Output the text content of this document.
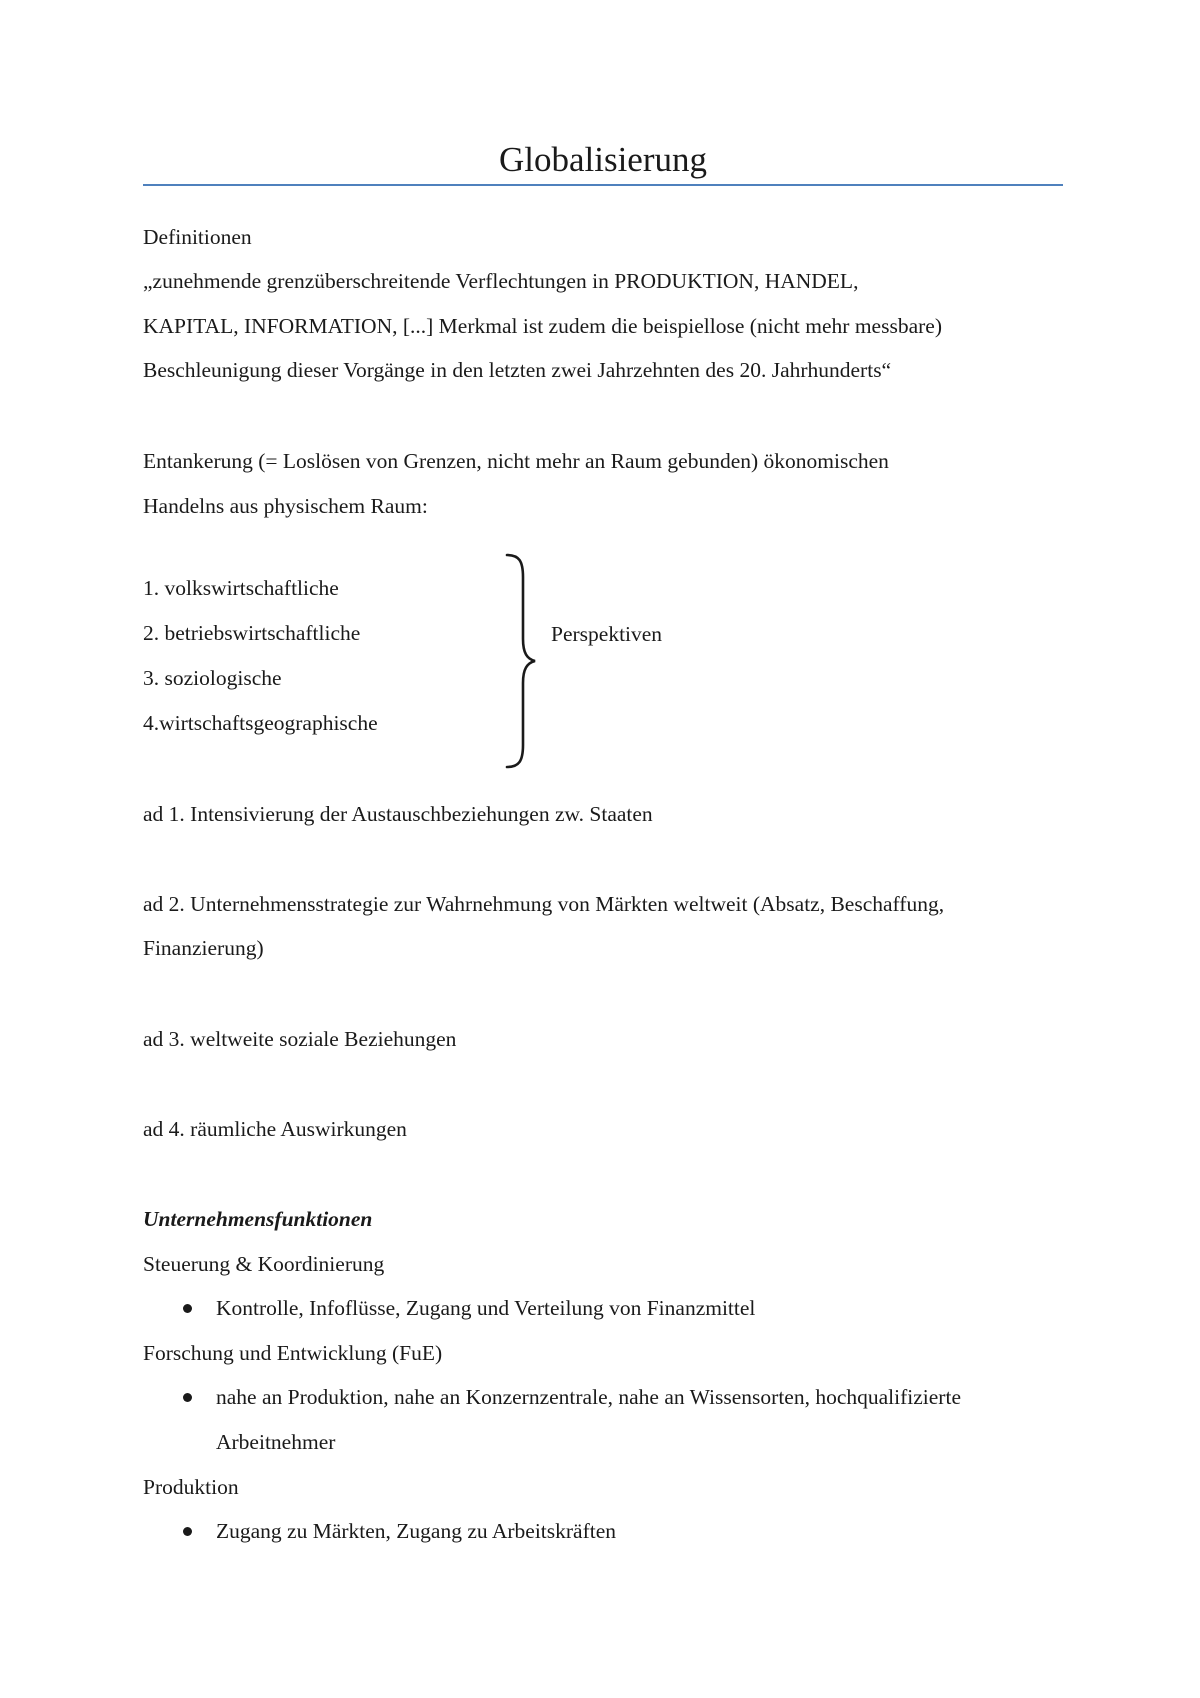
Globalisierung
Definitionen
„zunehmende grenzüberschreitende Verflechtungen in PRODUKTION, HANDEL,
KAPITAL, INFORMATION, [...] Merkmal ist zudem die beispiellose (nicht mehr messbare)
Beschleunigung dieser Vorgänge in den letzten zwei Jahrzehnten des 20. Jahrhunderts“
Entankerung (= Loslösen von Grenzen, nicht mehr an Raum gebunden) ökonomischen
Handelns aus physischem Raum:
1. volkswirtschaftliche
2. betriebswirtschaftliche
3. soziologische
4.wirtschaftsgeographische
Perspektiven
ad 1. Intensivierung der Austauschbeziehungen zw. Staaten
ad 2. Unternehmensstrategie zur Wahrnehmung von Märkten weltweit (Absatz, Beschaffung,
Finanzierung)
ad 3. weltweite soziale Beziehungen
ad 4. räumliche Auswirkungen
Unternehmensfunktionen
Steuerung & Koordinierung
Kontrolle, Infoflüsse, Zugang und Verteilung von Finanzmittel
Forschung und Entwicklung (FuE)
nahe an Produktion, nahe an Konzernzentrale, nahe an Wissensorten, hochqualifizierte
Arbeitnehmer
Produktion
Zugang zu Märkten, Zugang zu Arbeitskräften
